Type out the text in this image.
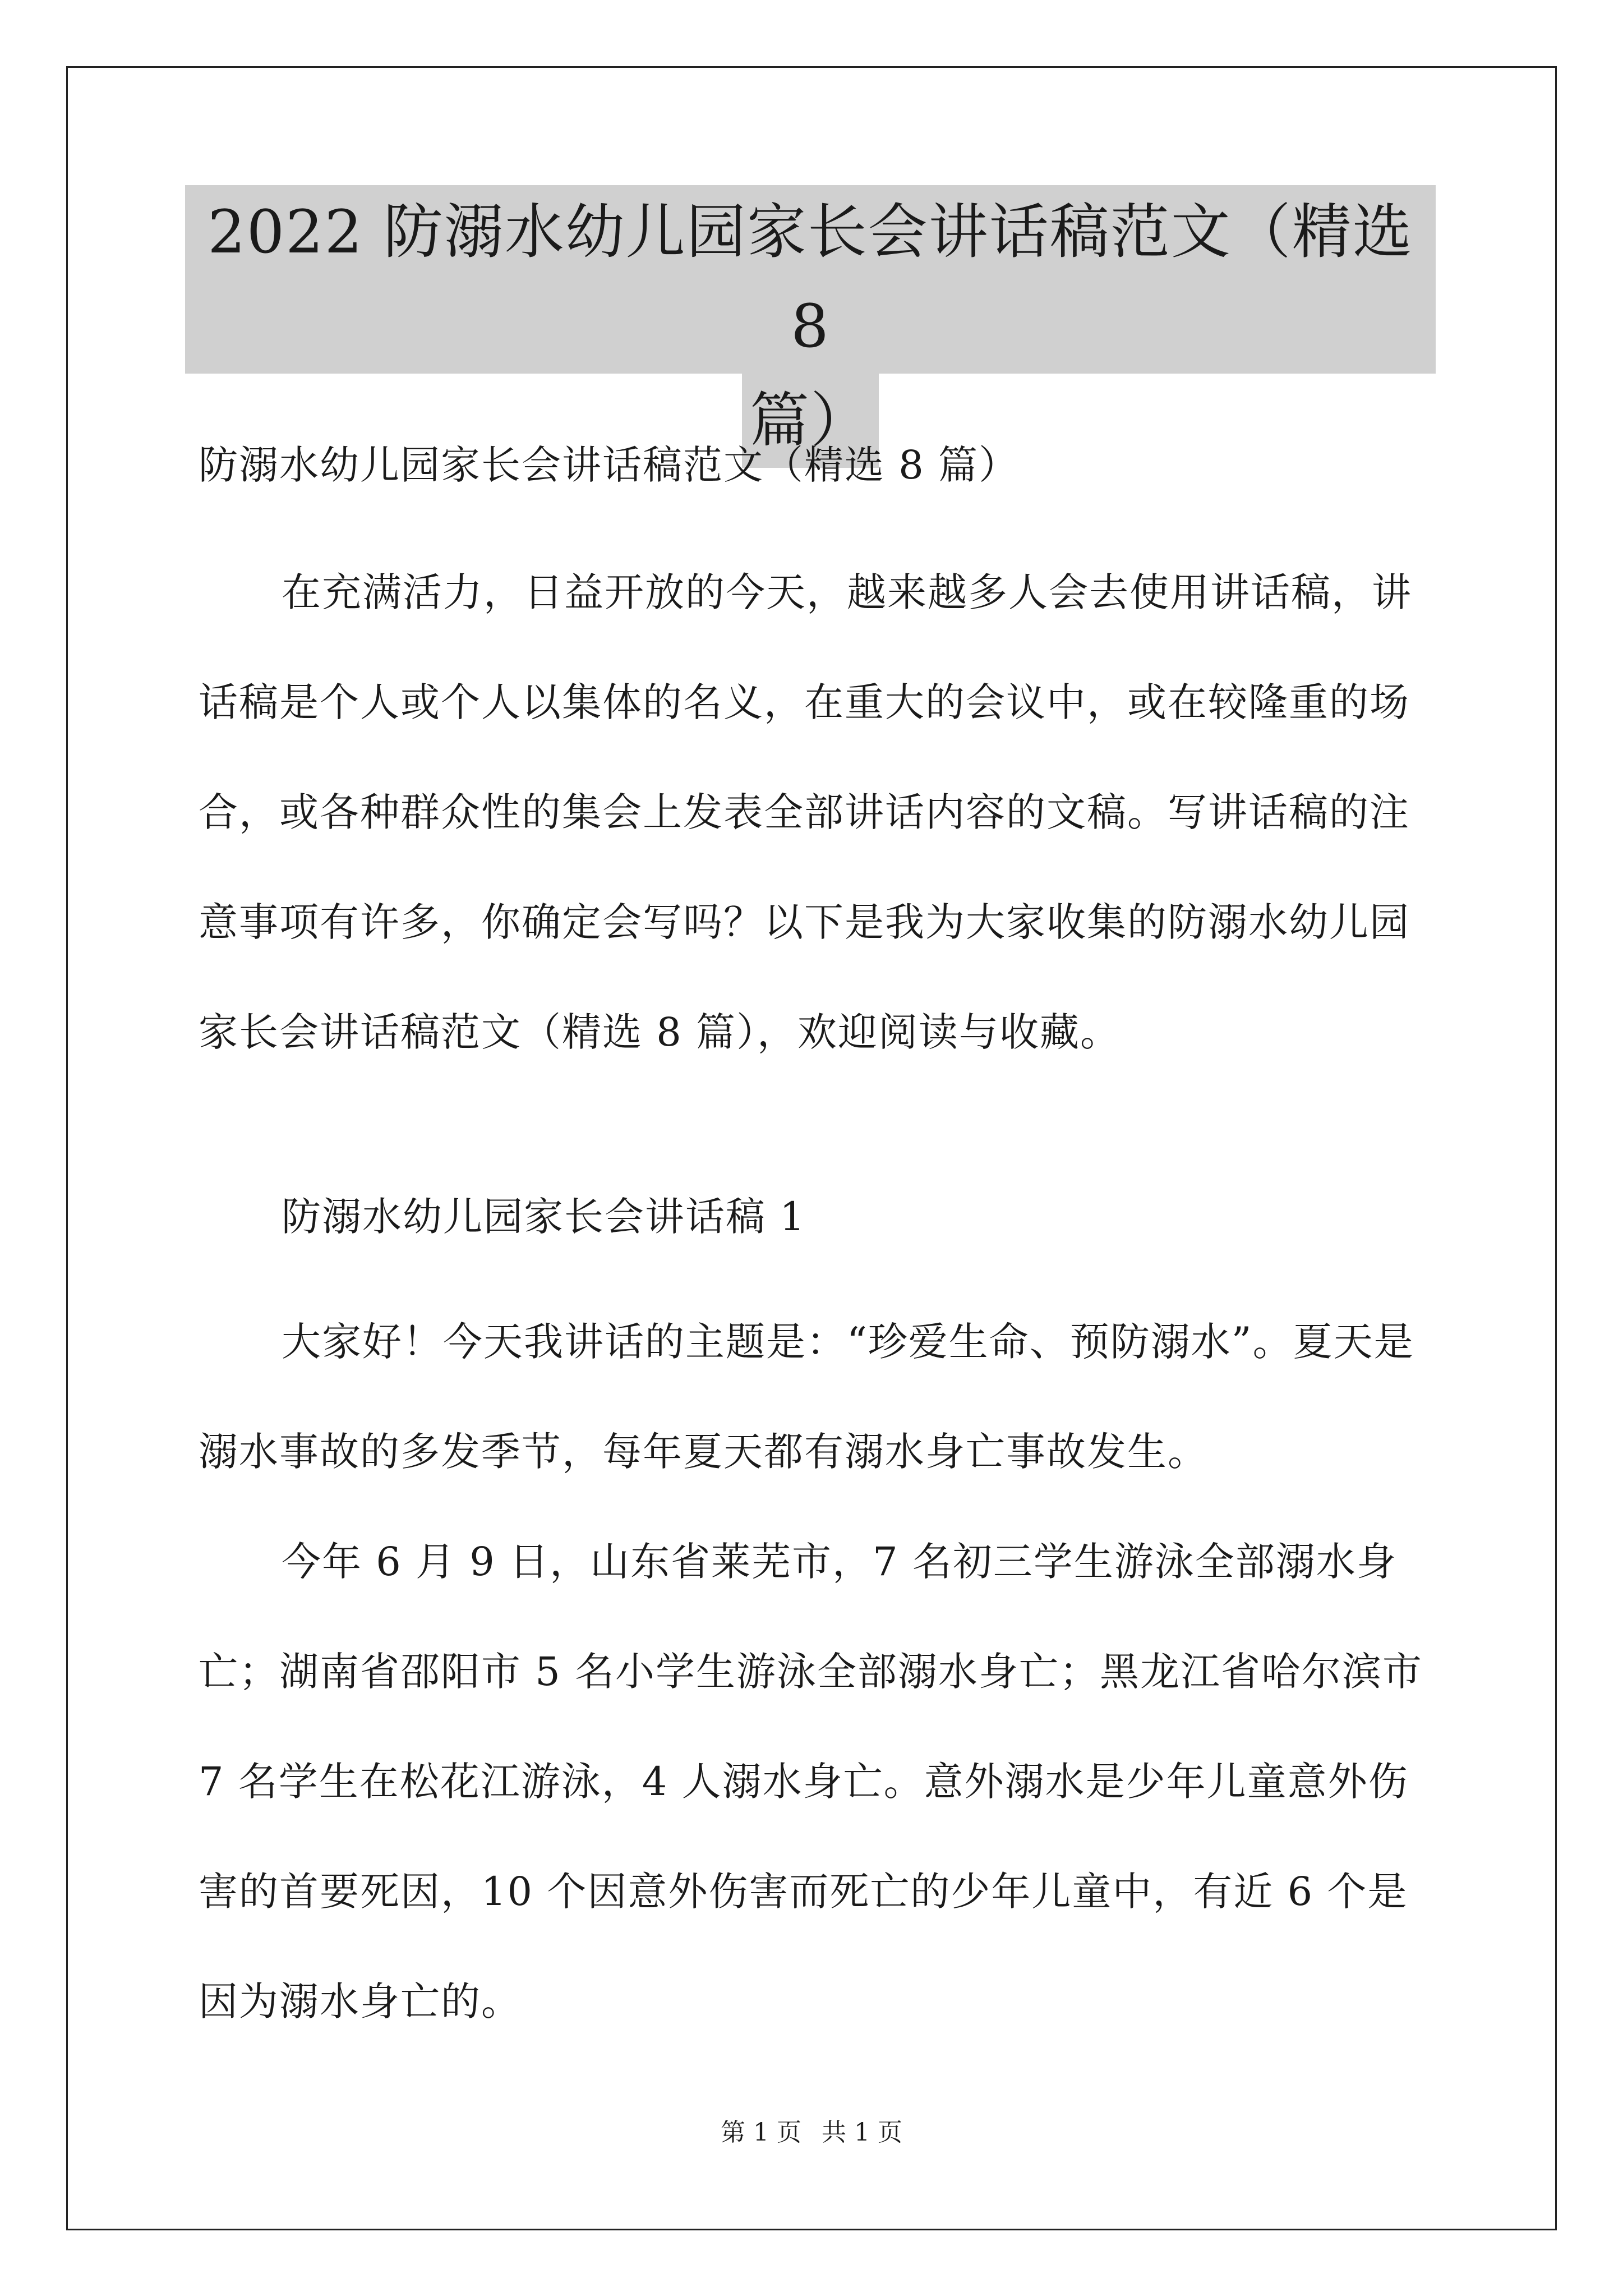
2022 防溺水幼儿园家长会讲话稿范文（精选 8
篇）

防溺水幼儿园家长会讲话稿范文（精选 8 篇）

在充满活力，日益开放的今天，越来越多人会去使用讲话稿，讲话稿是个人或个人以集体的名义，在重大的会议中，或在较隆重的场合，或各种群众性的集会上发表全部讲话内容的文稿。写讲话稿的注意事项有许多，你确定会写吗？以下是我为大家收集的防溺水幼儿园家长会讲话稿范文（精选 8 篇），欢迎阅读与收藏。

防溺水幼儿园家长会讲话稿 1

大家好！今天我讲话的主题是：“珍爱生命、预防溺水”。夏天是溺水事故的多发季节，每年夏天都有溺水身亡事故发生。

今年 6 月 9 日，山东省莱芜市，7 名初三学生游泳全部溺水身亡；湖南省邵阳市 5 名小学生游泳全部溺水身亡；黑龙江省哈尔滨市 7 名学生在松花江游泳，4 人溺水身亡。意外溺水是少年儿童意外伤害的首要死因，10 个因意外伤害而死亡的少年儿童中，有近 6 个是因为溺水身亡的。

第 1 页 共 1 页
